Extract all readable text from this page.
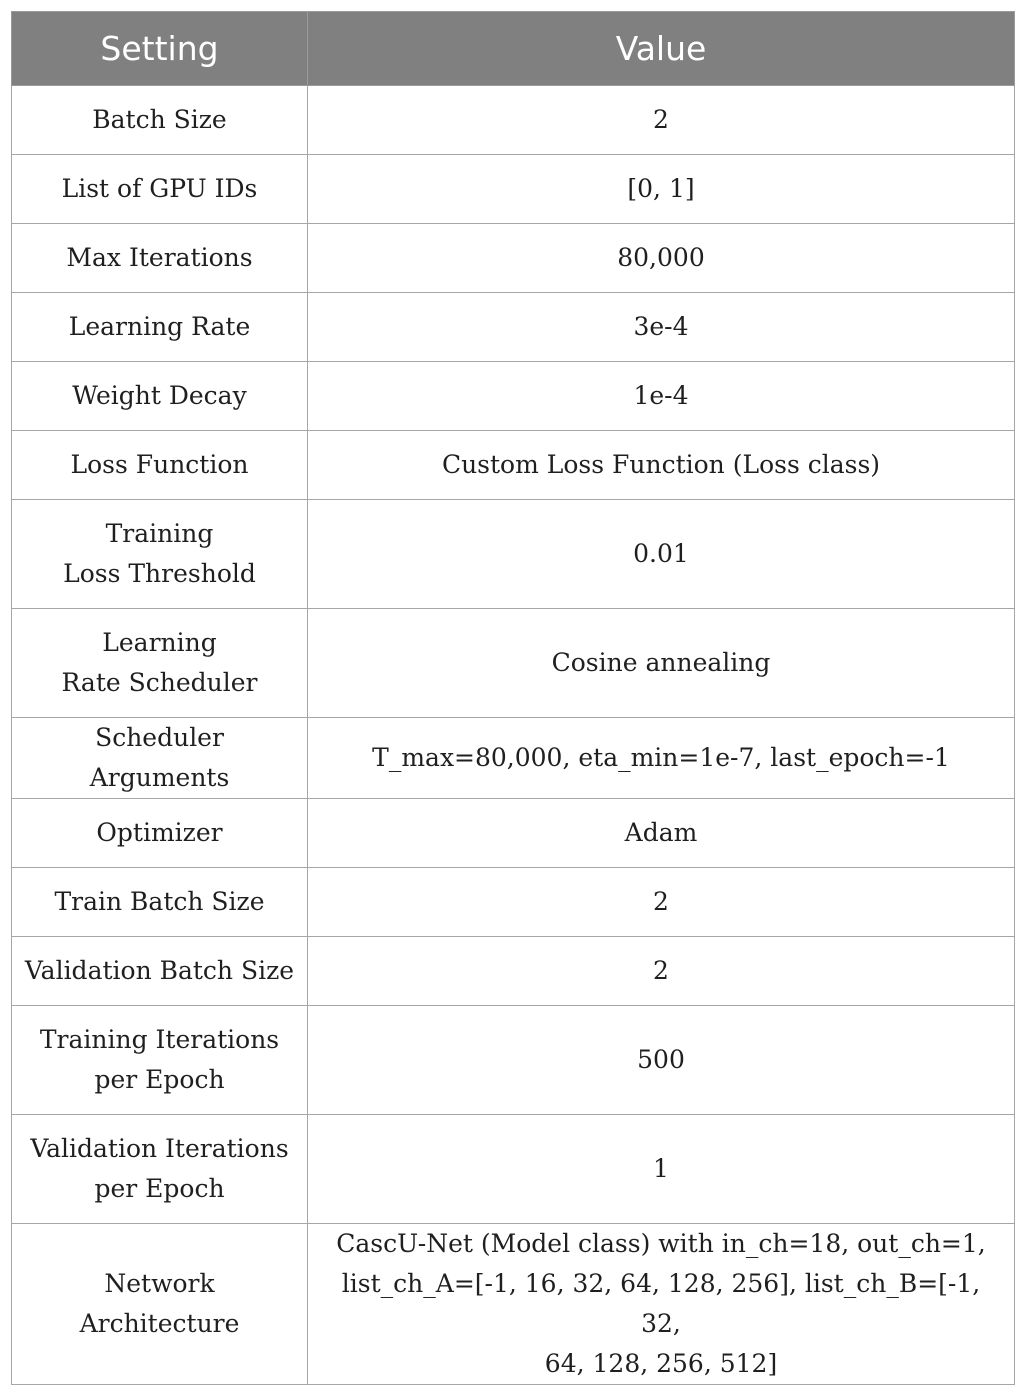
Setting	Value

Batch Size	2

List of GPU IDs	[0, 1]

Max Iterations	80,000

Learning Rate	3e-4

Weight Decay	1e-4

Loss Function	Custom Loss Function (Loss class)

Training
Loss Threshold	0.01

Learning
Rate Scheduler	Cosine annealing

Scheduler Arguments	T_max=80,000, eta_min=1e-7, last_epoch=-1

Optimizer	Adam

Train Batch Size	2

Validation Batch Size	2

Training Iterations
per Epoch	500

Validation Iterations
per Epoch	1

Network
Architecture	CascU-Net (Model class) with in_ch=18, out_ch=1,
list_ch_A=[-1, 16, 32, 64, 128, 256], list_ch_B=[-1, 32,
64, 128, 256, 512]
